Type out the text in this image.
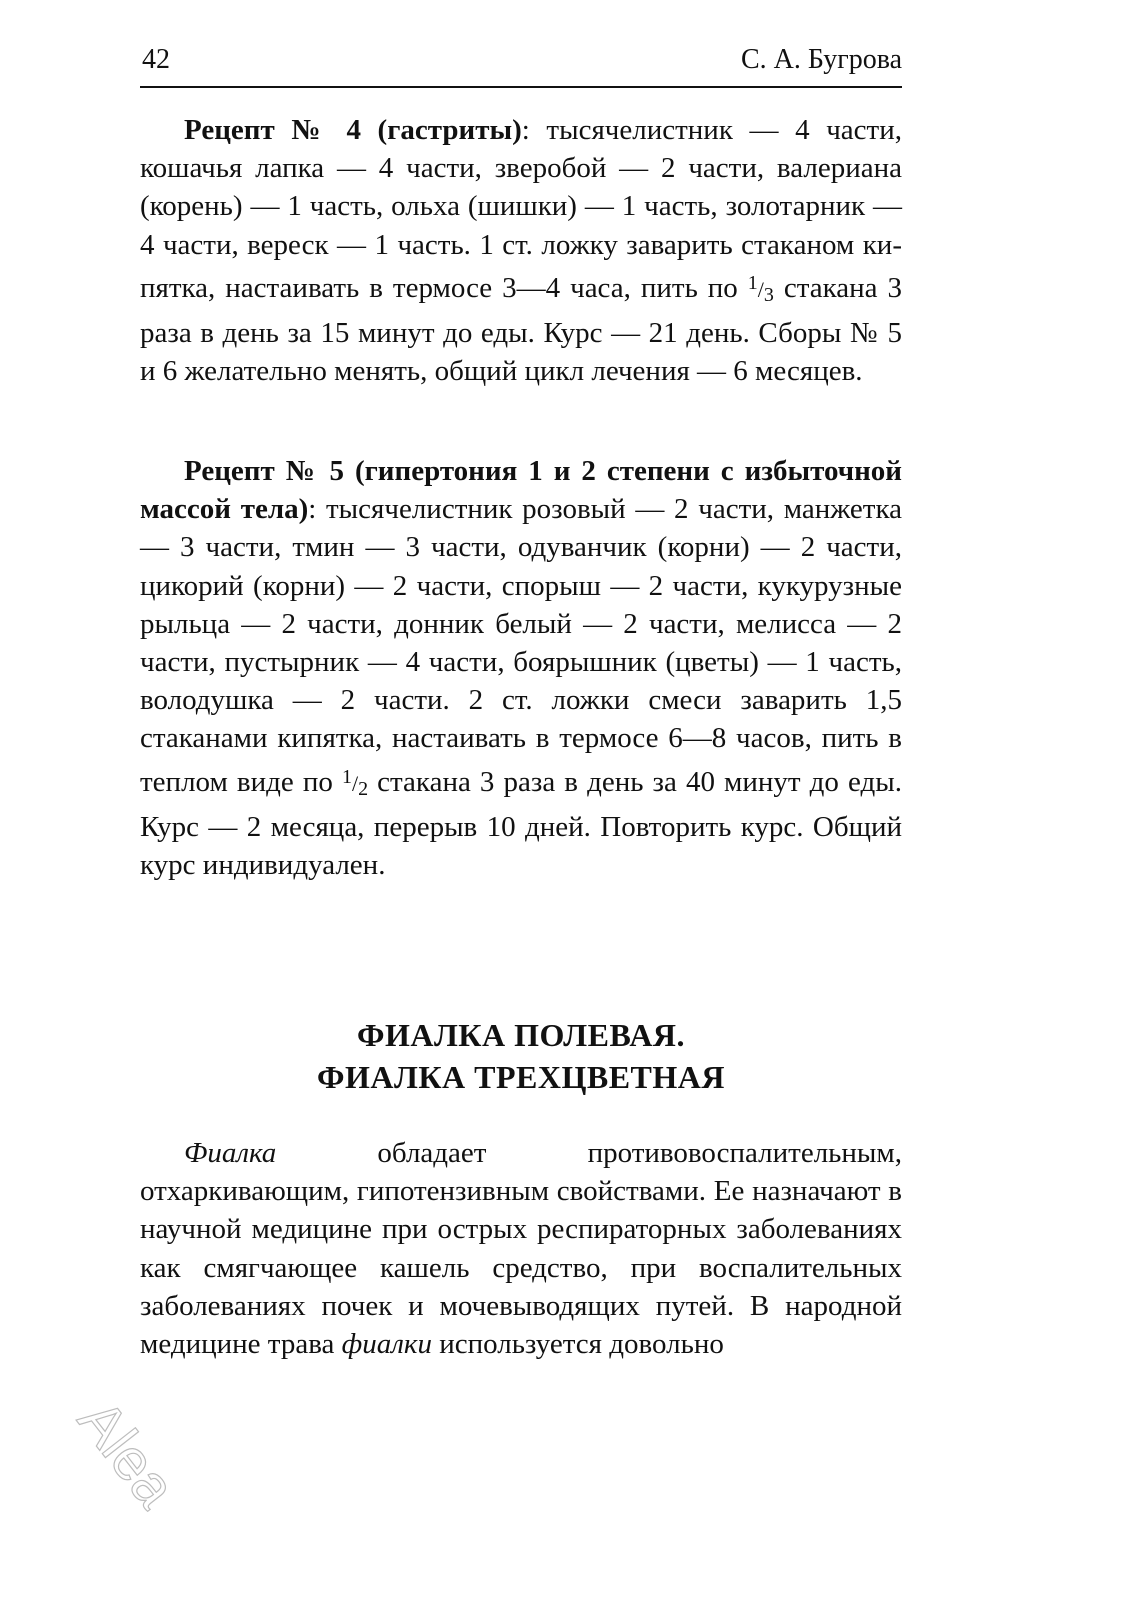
42	С. А. Бугрова

Рецепт № 4 (гастриты): тысячелистник — 4 части, кошачья лапка — 4 части, зверобой — 2 части, валериана (корень) — 1 часть, ольха (шишки) — 1 часть, золотарник — 4 части, вереск — 1 часть. 1 ст. ложку заварить стаканом кипятка, настаивать в термосе 3—4 часа, пить по $^1/_3$ стакана 3 раза в день за 15 минут до еды. Курс — 21 день. Сборы № 5 и 6 желательно менять, общий цикл лечения — 6 месяцев.

Рецепт № 5 (гипертония 1 и 2 степени с избыточной массой тела): тысячелистник розовый — 2 части, манжетка — 3 части, тмин — 3 части, одуванчик (корни) — 2 части, цикорий (корни) — 2 части, спорыш — 2 части, кукурузные рыльца — 2 части, донник белый — 2 части, мелисса — 2 части, пустырник — 4 части, боярышник (цветы) — 1 часть, володушка — 2 части. 2 ст. ложки смеси заварить 1,5 стаканами кипятка, настаивать в термосе 6—8 часов, пить в теплом виде по $^1/_2$ стакана 3 раза в день за 40 минут до еды. Курс — 2 месяца, перерыв 10 дней. Повторить курс. Общий курс индивидуален.

ФИАЛКА ПОЛЕВАЯ.
ФИАЛКА ТРЕХЦВЕТНАЯ

Фиалка обладает противовоспалительным, отхаркивающим, гипотензивным свойствами. Ее назначают в научной медицине при острых респираторных заболеваниях как смягчающее кашель средство, при воспалительных заболеваниях почек и мочевыводящих путей. В народной медицине трава фиалки используется довольно

Alea
